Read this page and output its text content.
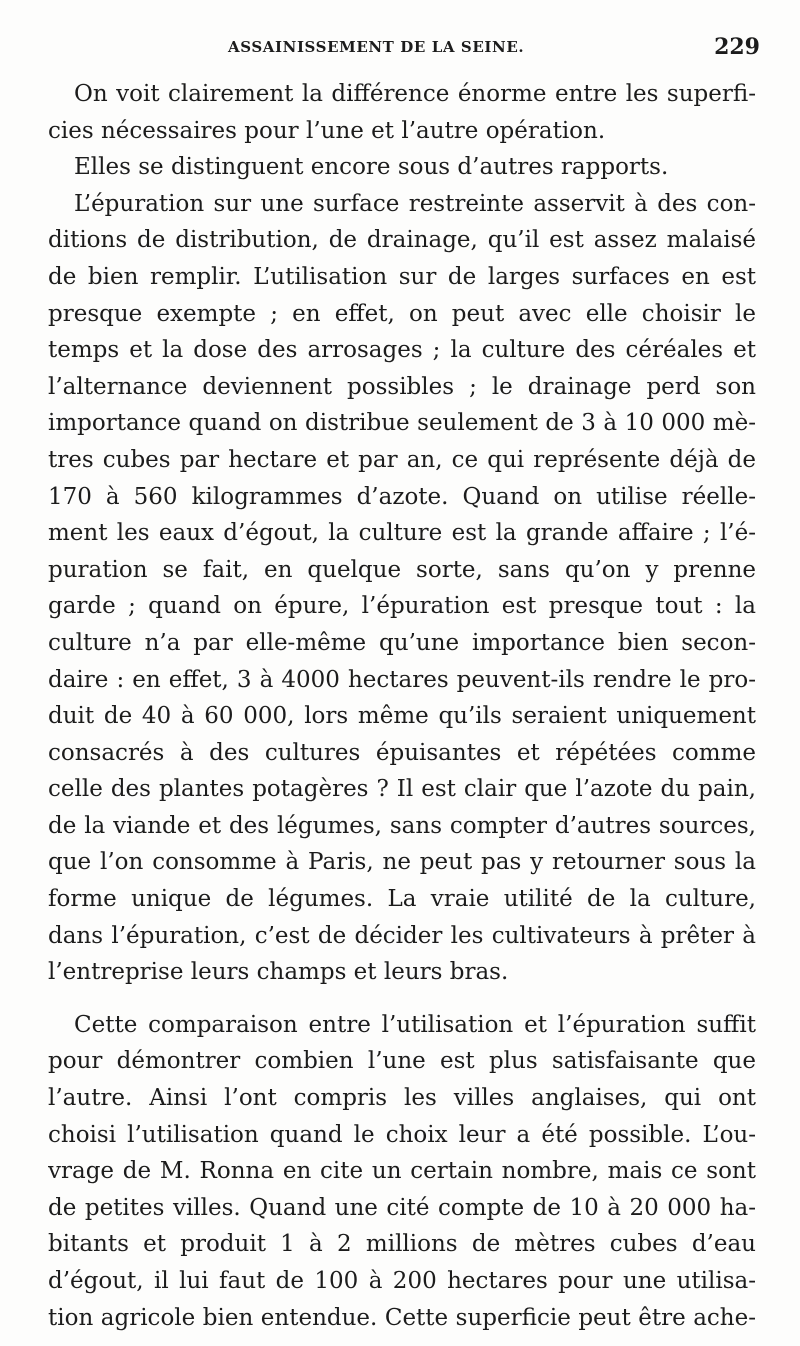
ASSAINISSEMENT DE LA SEINE.	229
On voit clairement la différence énorme entre les superfi-
cies nécessaires pour l’une et l’autre opération.
Elles se distinguent encore sous d’autres rapports.
L’épuration sur une surface restreinte asservit à des con-
ditions de distribution, de drainage, qu’il est assez malaisé
de bien remplir. L’utilisation sur de larges surfaces en est
presque exempte ; en effet, on peut avec elle choisir le
temps et la dose des arrosages ; la culture des céréales et
l’alternance deviennent possibles ; le drainage perd son
importance quand on distribue seulement de 3 à 10 000 mè-
tres cubes par hectare et par an, ce qui représente déjà de
170 à 560 kilogrammes d’azote. Quand on utilise réelle-
ment les eaux d’égout, la culture est la grande affaire ; l’é-
puration se fait, en quelque sorte, sans qu’on y prenne
garde ; quand on épure, l’épuration est presque tout : la
culture n’a par elle-même qu’une importance bien secon-
daire : en effet, 3 à 4000 hectares peuvent-ils rendre le pro-
duit de 40 à 60 000, lors même qu’ils seraient uniquement
consacrés à des cultures épuisantes et répétées comme
celle des plantes potagères ? Il est clair que l’azote du pain,
de la viande et des légumes, sans compter d’autres sources,
que l’on consomme à Paris, ne peut pas y retourner sous la
forme unique de légumes. La vraie utilité de la culture,
dans l’épuration, c’est de décider les cultivateurs à prêter à
l’entreprise leurs champs et leurs bras.
Cette comparaison entre l’utilisation et l’épuration suffit
pour démontrer combien l’une est plus satisfaisante que
l’autre. Ainsi l’ont compris les villes anglaises, qui ont
choisi l’utilisation quand le choix leur a été possible. L’ou-
vrage de M. Ronna en cite un certain nombre, mais ce sont
de petites villes. Quand une cité compte de 10 à 20 000 ha-
bitants et produit 1 à 2 millions de mètres cubes d’eau
d’égout, il lui faut de 100 à 200 hectares pour une utilisa-
tion agricole bien entendue. Cette superficie peut être ache-
